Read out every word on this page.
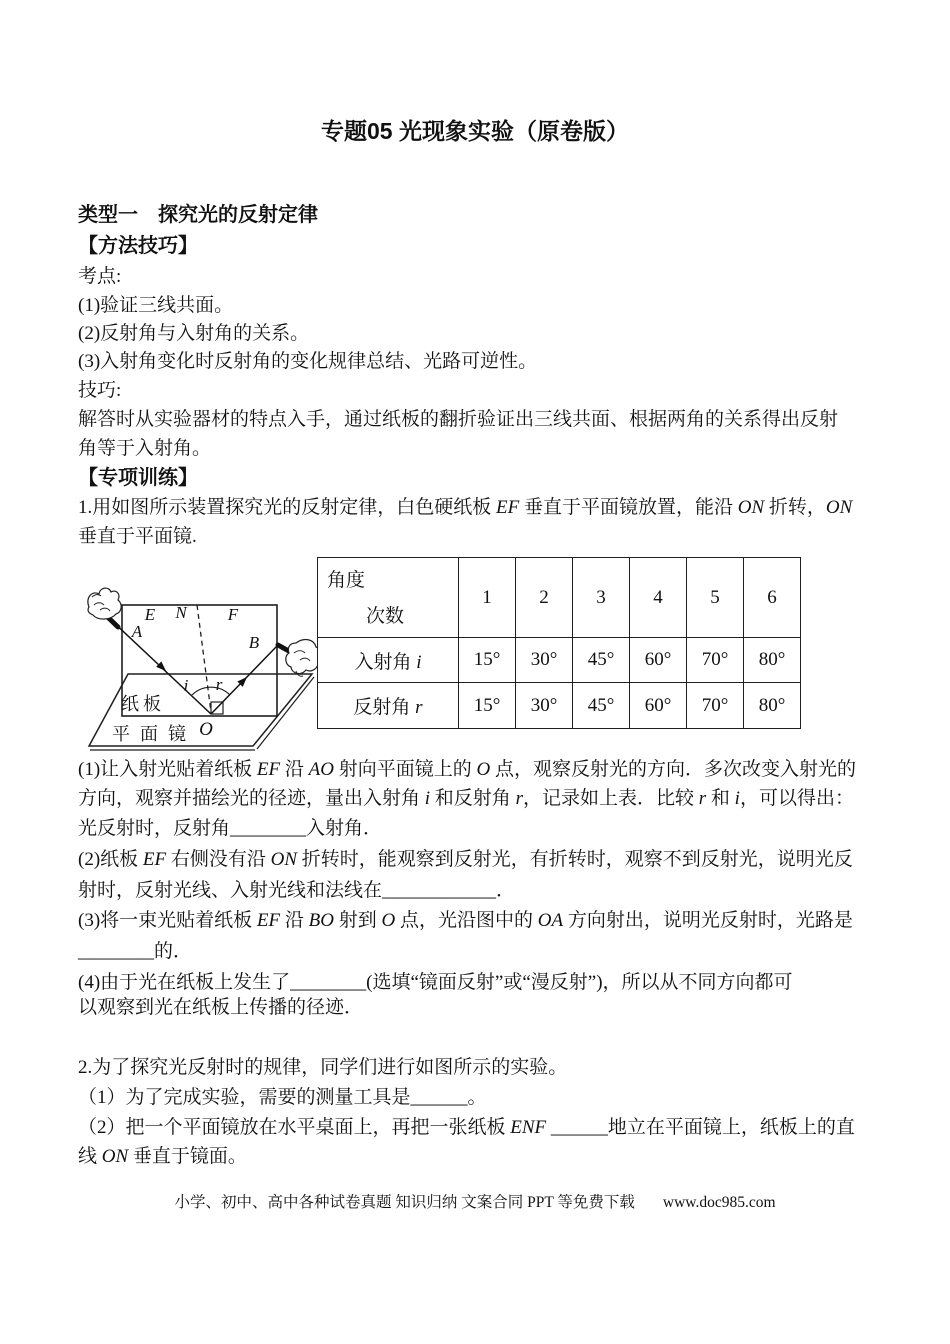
专题05 光现象实验（原卷版）
类型一　探究光的反射定律
【方法技巧】
考点:
(1)验证三线共面。
(2)反射角与入射角的关系。
(3)入射角变化时反射角的变化规律总结、光路可逆性。
技巧:
解答时从实验器材的特点入手，通过纸板的翻折验证出三线共面、根据两角的关系得出反射
角等于入射角。
【专项训练】
1.用如图所示装置探究光的反射定律，白色硬纸板 EF 垂直于平面镜放置，能沿 ON 折转，ON
垂直于平面镜.
E N F
A
B
i r
O
纸板
平面镜
角度
次数	1	2	3	4	5	6
入射角 i	15°	30°	45°	60°	70°	80°
反射角 r	15°	30°	45°	60°	70°	80°
(1)让入射光贴着纸板 EF 沿 AO 射向平面镜上的 O 点，观察反射光的方向．多次改变入射光的
方向，观察并描绘光的径迹，量出入射角 i 和反射角 r，记录如上表．比较 r 和 i，可以得出：
光反射时，反射角________入射角．
(2)纸板 EF 右侧没有沿 ON 折转时，能观察到反射光，有折转时，观察不到反射光，说明光反
射时，反射光线、入射光线和法线在____________．
(3)将一束光贴着纸板 EF 沿 BO 射到 O 点，光沿图中的 OA 方向射出，说明光反射时，光路是
________的．
(4)由于光在纸板上发生了________(选填“镜面反射”或“漫反射”)，所以从不同方向都可
以观察到光在纸板上传播的径迹．
2.为了探究光反射时的规律，同学们进行如图所示的实验。
（1）为了完成实验，需要的测量工具是______。
（2）把一个平面镜放在水平桌面上，再把一张纸板 ENF ______地立在平面镜上，纸板上的直
线 ON 垂直于镜面。
小学、初中、高中各种试卷真题 知识归纳 文案合同 PPT 等免费下载 www.doc985.com
